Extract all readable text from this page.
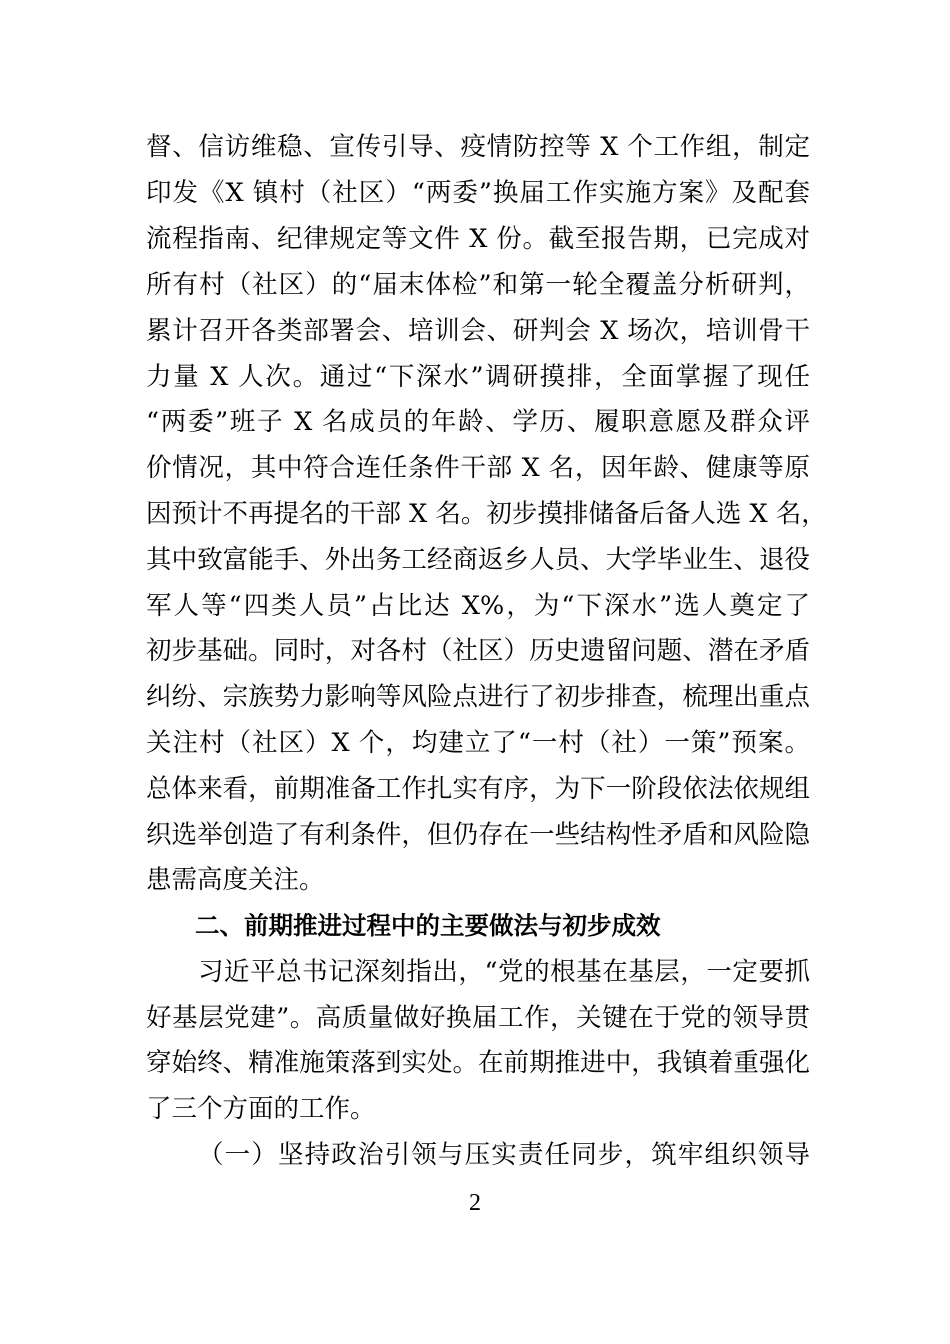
督、信访维稳、宣传引导、疫情防控等 X 个工作组，制定
印发《X 镇村（社区）“两委”换届工作实施方案》及配套
流程指南、纪律规定等文件 X 份。截至报告期，已完成对
所有村（社区）的“届末体检”和第一轮全覆盖分析研判，
累计召开各类部署会、培训会、研判会 X 场次，培训骨干
力量 X 人次。通过“下深水”调研摸排，全面掌握了现任
“两委”班子 X 名成员的年龄、学历、履职意愿及群众评
价情况，其中符合连任条件干部 X 名，因年龄、健康等原
因预计不再提名的干部 X 名。初步摸排储备后备人选 X 名，
其中致富能手、外出务工经商返乡人员、大学毕业生、退役
军人等“四类人员”占比达 X%，为“下深水”选人奠定了
初步基础。同时，对各村（社区）历史遗留问题、潜在矛盾
纠纷、宗族势力影响等风险点进行了初步排查，梳理出重点
关注村（社区）X 个，均建立了“一村（社）一策”预案。
总体来看，前期准备工作扎实有序，为下一阶段依法依规组
织选举创造了有利条件，但仍存在一些结构性矛盾和风险隐
患需高度关注。
二、前期推进过程中的主要做法与初步成效
习近平总书记深刻指出，“党的根基在基层，一定要抓
好基层党建”。高质量做好换届工作，关键在于党的领导贯
穿始终、精准施策落到实处。在前期推进中，我镇着重强化
了三个方面的工作。
（一）坚持政治引领与压实责任同步，筑牢组织领导
2
